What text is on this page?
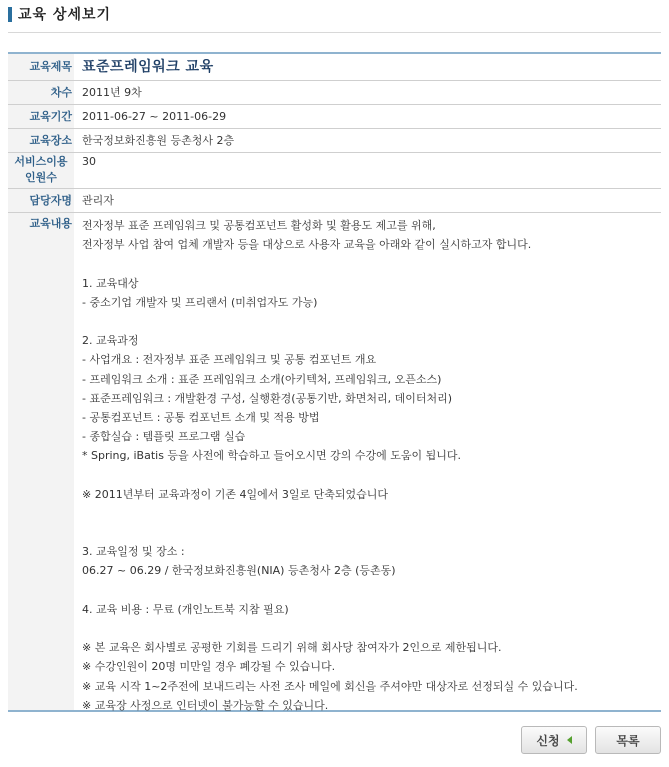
교육 상세보기
교육제목 표준프레임워크 교육
차수 2011년 9차
교육기간 2011-06-27 ~ 2011-06-29
교육장소 한국정보화진흥원 등촌청사 2층
서비스이용
인원수
30
담당자명 관리자
교육내용 전자정부 표준 프레임워크 및 공통컴포넌트 활성화 및 활용도 제고를 위해,
전자정부 사업 참여 업체 개발자 등을 대상으로 사용자 교육을 아래와 같이 실시하고자 합니다.
1. 교육대상
- 중소기업 개발자 및 프리랜서 (미취업자도 가능)
2. 교육과정
- 사업개요 : 전자정부 표준 프레임워크 및 공통 컴포넌트 개요
- 프레임워크 소개 : 표준 프레임워크 소개(아키텍처, 프레임워크, 오픈소스)
- 표준프레임워크 : 개발환경 구성, 실행환경(공통기반, 화면처리, 데이터처리)
- 공통컴포넌트 : 공통 컴포넌트 소개 및 적용 방법
- 종합실습 : 템플릿 프로그램 실습
* Spring, iBatis 등을 사전에 학습하고 들어오시면 강의 수강에 도움이 됩니다.
※ 2011년부터 교육과정이 기존 4일에서 3일로 단축되었습니다
3. 교육일정 및 장소 :
06.27 ~ 06.29 / 한국정보화진흥원(NIA) 등촌청사 2층 (등촌동)
4. 교육 비용 : 무료 (개인노트북 지참 필요)
※ 본 교육은 회사별로 공평한 기회를 드리기 위해 회사당 참여자가 2인으로 제한됩니다.
※ 수강인원이 20명 미만일 경우 폐강될 수 있습니다.
※ 교육 시작 1~2주전에 보내드리는 사전 조사 메일에 회신을 주셔야만 대상자로 선정되실 수 있습니다.
※ 교육장 사정으로 인터넷이 불가능할 수 있습니다.
신청	목록
